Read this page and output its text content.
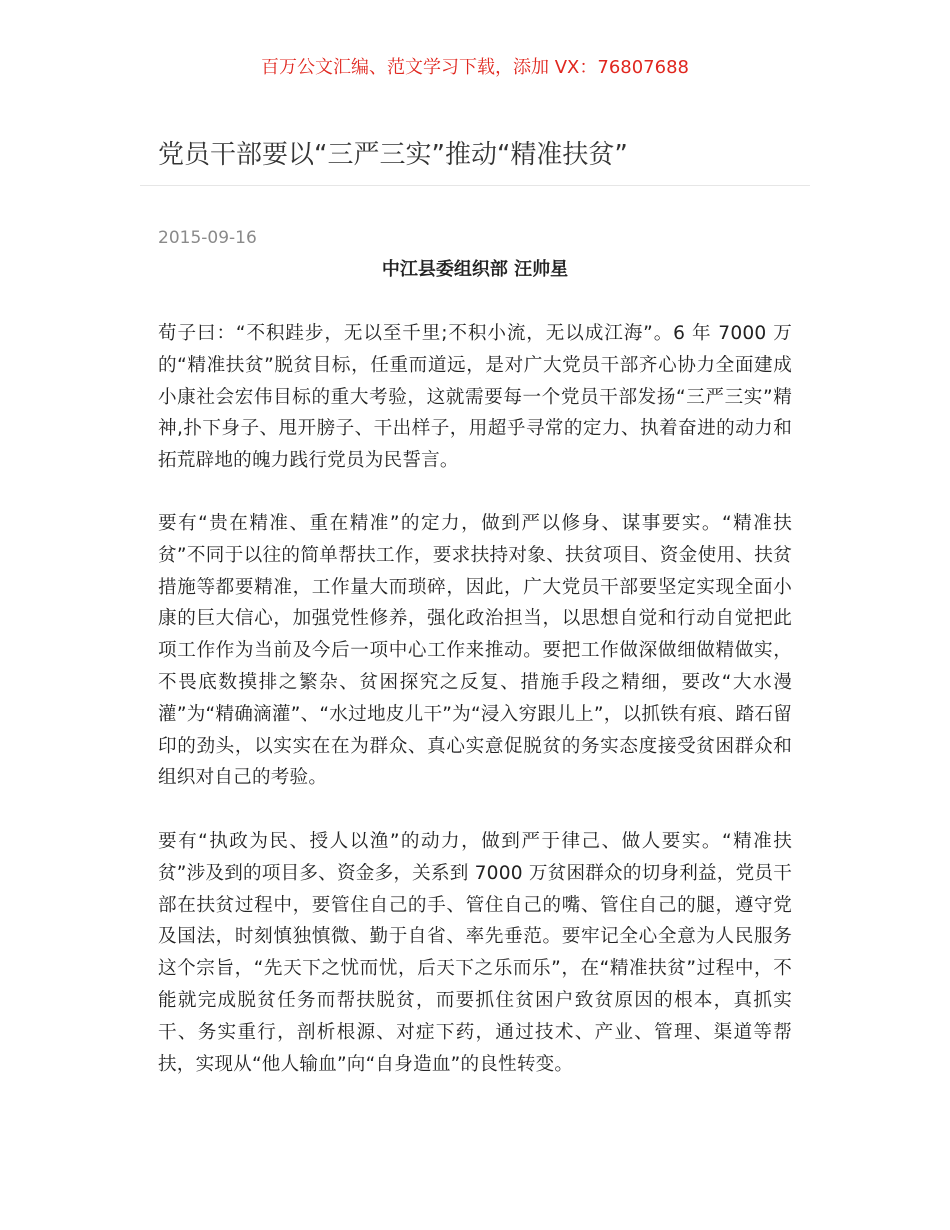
百万公文汇编、范文学习下载，添加 VX：76807688
党员干部要以“三严三实”推动“精准扶贫”
2015-09-16
中江县委组织部 汪帅星

荀子曰：“不积跬步，无以至千里;不积小流，无以成江海”。6 年 7000 万的“精准扶贫”脱贫目标，任重而道远，是对广大党员干部齐心协力全面建成小康社会宏伟目标的重大考验，这就需要每一个党员干部发扬“三严三实”精神,扑下身子、甩开膀子、干出样子，用超乎寻常的定力、执着奋进的动力和拓荒辟地的魄力践行党员为民誓言。

要有“贵在精准、重在精准”的定力，做到严以修身、谋事要实。“精准扶贫”不同于以往的简单帮扶工作，要求扶持对象、扶贫项目、资金使用、扶贫措施等都要精准，工作量大而琐碎，因此，广大党员干部要坚定实现全面小康的巨大信心，加强党性修养，强化政治担当，以思想自觉和行动自觉把此项工作作为当前及今后一项中心工作来推动。要把工作做深做细做精做实，不畏底数摸排之繁杂、贫困探究之反复、措施手段之精细，要改“大水漫灌”为“精确滴灌”、“水过地皮儿干”为“浸入穷跟儿上”，以抓铁有痕、踏石留印的劲头，以实实在在为群众、真心实意促脱贫的务实态度接受贫困群众和组织对自己的考验。

要有“执政为民、授人以渔”的动力，做到严于律己、做人要实。“精准扶贫”涉及到的项目多、资金多，关系到 7000 万贫困群众的切身利益，党员干部在扶贫过程中，要管住自己的手、管住自己的嘴、管住自己的腿，遵守党及国法，时刻慎独慎微、勤于自省、率先垂范。要牢记全心全意为人民服务这个宗旨，“先天下之忧而忧，后天下之乐而乐”，在“精准扶贫”过程中，不能就完成脱贫任务而帮扶脱贫，而要抓住贫困户致贫原因的根本，真抓实干、务实重行，剖析根源、对症下药，通过技术、产业、管理、渠道等帮扶，实现从“他人输血”向“自身造血”的良性转变。
